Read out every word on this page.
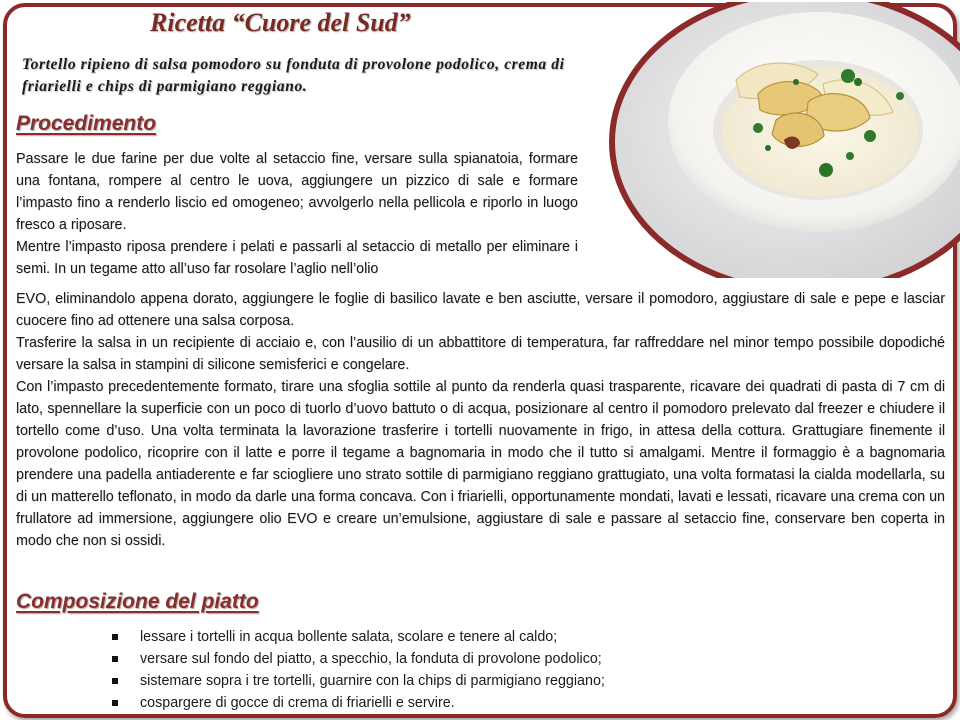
Ricetta “Cuore del Sud”
Tortello ripieno di salsa pomodoro su fonduta di provolone podolico, crema di friarielli e chips di parmigiano reggiano.
Procedimento
Passare le due farine per due volte al setaccio fine, versare sulla spianatoia, formare una fontana, rompere al centro le uova, aggiungere un pizzico di sale e formare l’impasto fino a renderlo liscio ed omogeneo; avvolgerlo nella pellicola e riporlo in luogo fresco a riposare.
Mentre l’impasto riposa prendere i pelati e passarli al setaccio di metallo per eliminare i semi. In un tegame atto all’uso far rosolare l’aglio nell’olio
EVO, eliminandolo appena dorato, aggiungere le foglie di basilico lavate e ben asciutte, versare il pomodoro, aggiustare di sale e pepe e lasciar cuocere fino ad ottenere una salsa corposa.
Trasferire la salsa in un recipiente di acciaio e, con l’ausilio di un abbattitore di temperatura, far raffreddare nel minor tempo possibile dopodiché versare la salsa in stampini di silicone semisferici e congelare.
Con l’impasto precedentemente formato, tirare una sfoglia sottile al punto da renderla quasi trasparente, ricavare dei quadrati di pasta di 7 cm di lato, spennellare la superficie con un poco di tuorlo d’uovo battuto o di acqua, posizionare al centro il pomodoro prelevato dal freezer e chiudere il tortello come d’uso. Una volta terminata la lavorazione trasferire i tortelli nuovamente in frigo, in attesa della cottura. Grattugiare finemente il provolone podolico, ricoprire con il latte e porre il tegame a bagnomaria in modo che il tutto si amalgami. Mentre il formaggio è a bagnomaria prendere una padella antiaderente e far sciogliere uno strato sottile di parmigiano reggiano grattugiato, una volta formatasi la cialda modellarla, su di un matterello teflonato, in modo da darle una forma concava. Con i friarielli, opportunamente mondati, lavati e lessati, ricavare una crema con un frullatore ad immersione, aggiungere olio EVO e creare un’emulsione, aggiustare di sale e passare al setaccio fine, conservare ben coperta in modo che non si ossidi.
Composizione del piatto
lessare i tortelli in acqua bollente salata, scolare e tenere al caldo;
versare sul fondo del piatto, a specchio, la fonduta di provolone podolico;
sistemare sopra i tre tortelli, guarnire con la chips di parmigiano reggiano;
cospargere di gocce di crema di friarielli e servire.
